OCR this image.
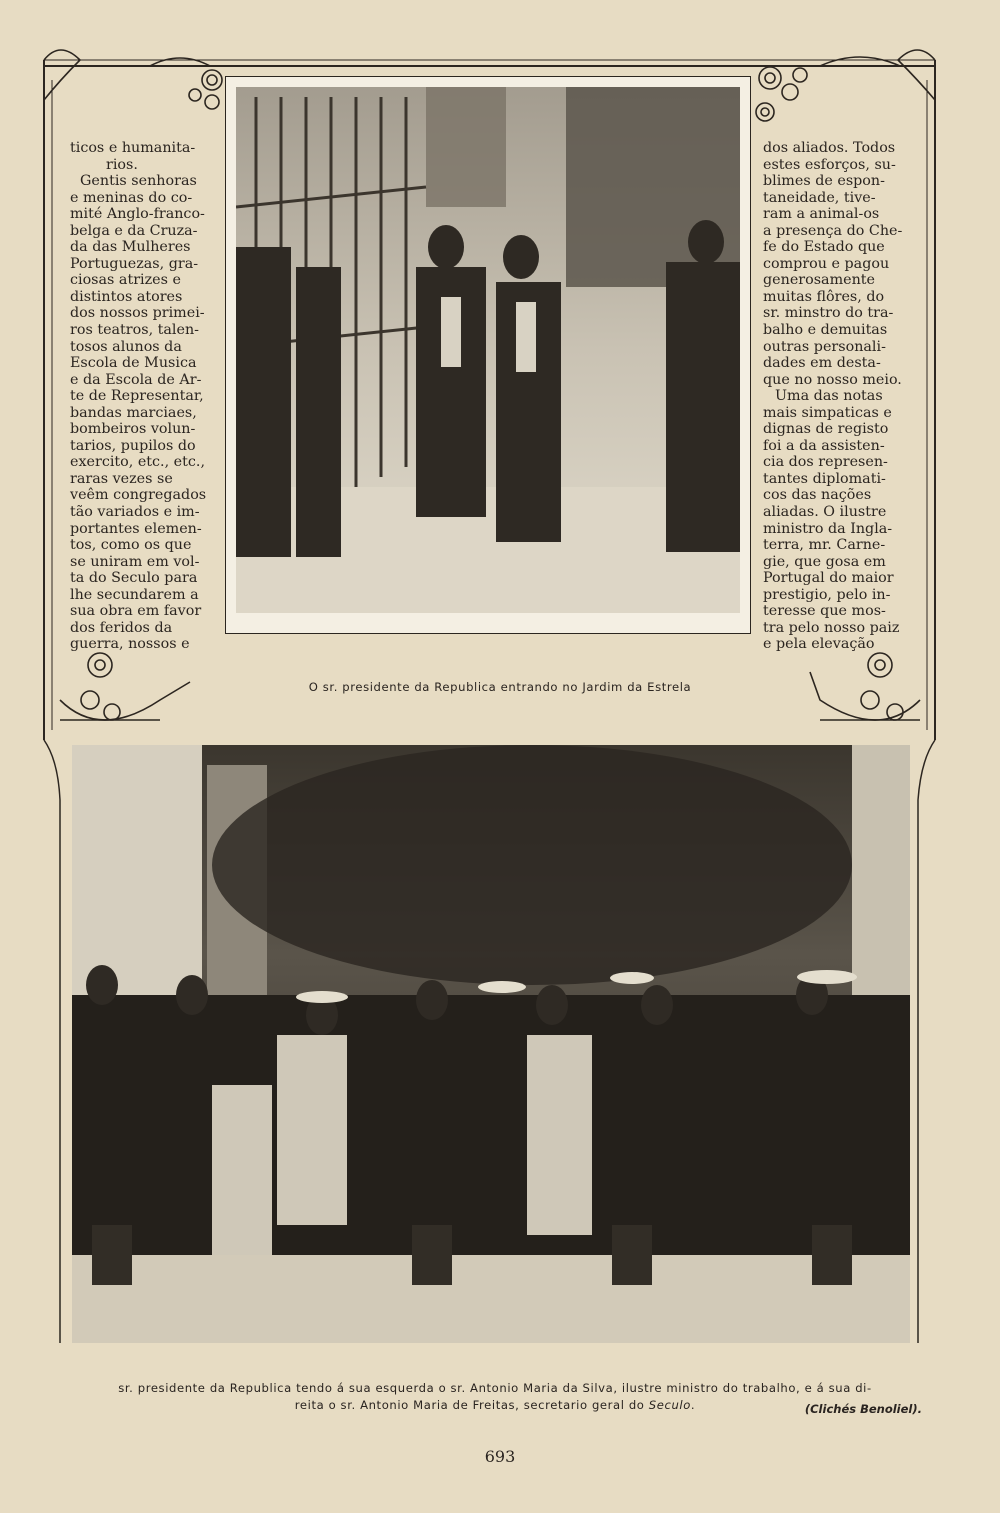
ticos e humanita-
rios.
Gentis senhoras
e meninas do co-
mité Anglo-franco-
belga e da Cruza-
da das Mulheres
Portuguezas, gra-
ciosas atrizes e
distintos atores
dos nossos primei-
ros teatros, talen-
tosos alunos da
Escola de Musica
e da Escola de Ar-
te de Representar,
bandas marciaes,
bombeiros volun-
tarios, pupilos do
exercito, etc., etc.,
raras vezes se
veêm congregados
tão variados e im-
portantes elemen-
tos, como os que
se uniram em vol-
ta do Seculo para
lhe secundarem a
sua obra em favor
dos feridos da
guerra, nossos e
dos aliados. Todos
estes esforços, su-
blimes de espon-
taneidade, tive-
ram a animal-os
a presença do Che-
fe do Estado que
comprou e pagou
generosamente
muitas flôres, do
sr. minstro do tra-
balho e demuitas
outras personali-
dades em desta-
que no nosso meio.
Uma das notas
mais simpaticas e
dignas de registo
foi a da assisten-
cia dos represen-
tantes diplomati-
cos das nações
aliadas. O ilustre
ministro da Ingla-
terra, mr. Carne-
gie, que gosa em
Portugal do maior
prestigio, pelo in-
teresse que mos-
tra pelo nosso paiz
e pela elevação
O sr. presidente da Republica entrando no Jardim da Estrela
sr. presidente da Republica tendo á sua esquerda o sr. Antonio Maria da Silva, ilustre ministro do trabalho, e á sua di-
reita o sr. Antonio Maria de Freitas, secretario geral do Seculo.	(Clichés Benoliel).
693
